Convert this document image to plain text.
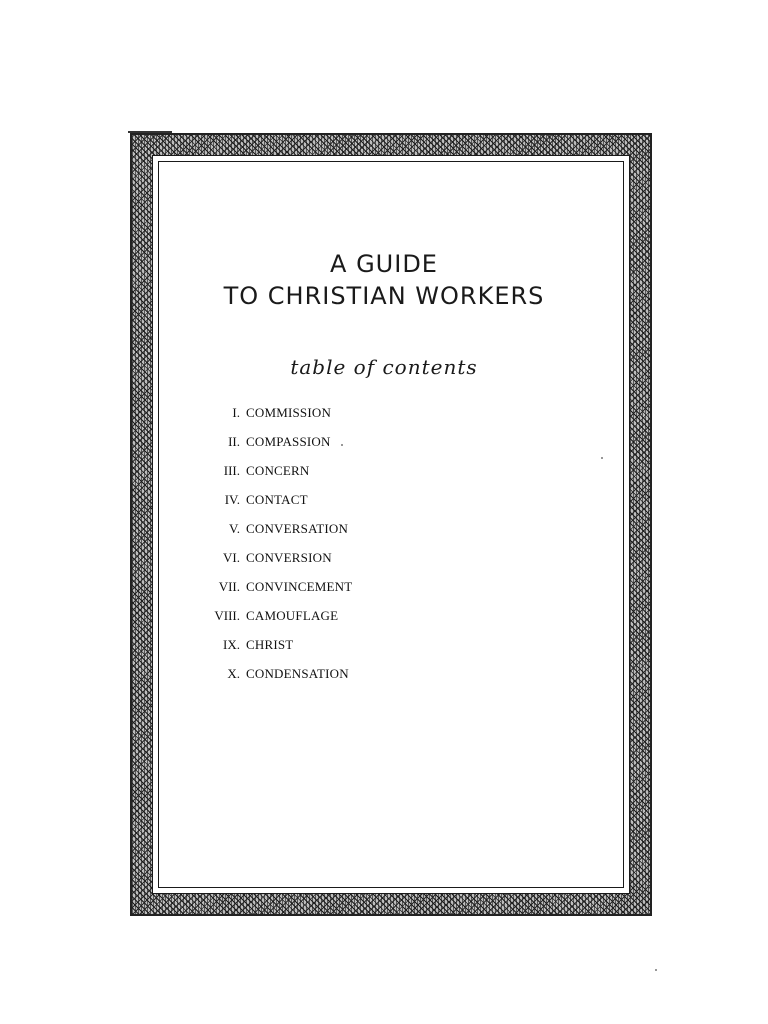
A GUIDE
TO CHRISTIAN WORKERS
table of contents
I. COMMISSION
II. COMPASSION
III. CONCERN
IV. CONTACT
V. CONVERSATION
VI. CONVERSION
VII. CONVINCEMENT
VIII. CAMOUFLAGE
IX. CHRIST
X. CONDENSATION
